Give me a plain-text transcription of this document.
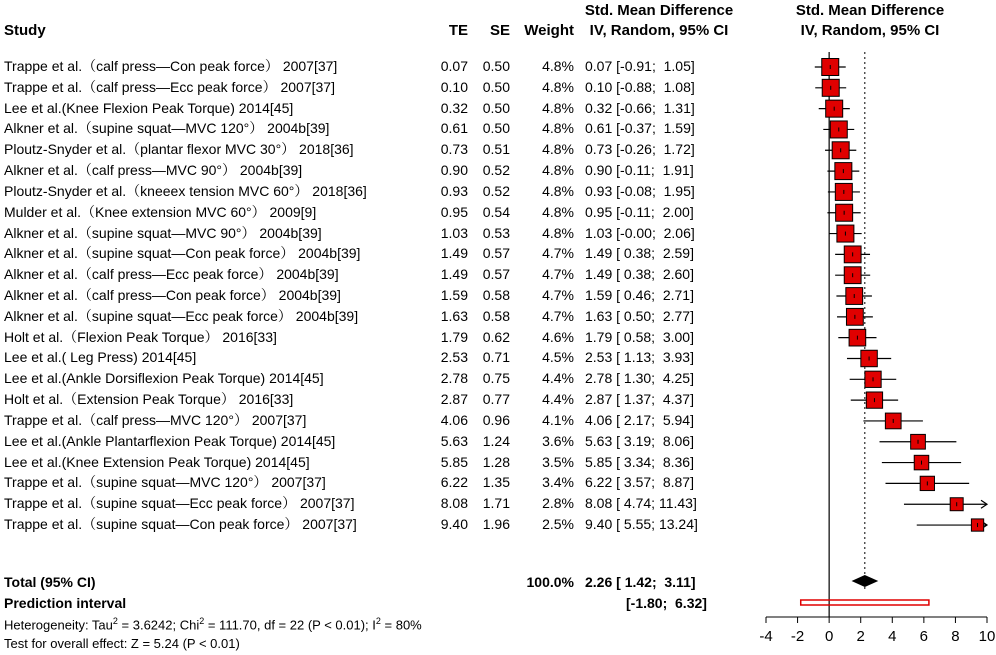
Study	TE	SE Weight
Std. Mean Difference
IV, Random, 95% CI
Std. Mean Difference
IV, Random, 95% CI
Trappe et al.（calf press—Con peak force） 2007[37]	0.07	0.50	4.8% 0.07 [-0.91;  1.05]
Trappe et al.（calf press—Ecc peak force） 2007[37]	0.10	0.50	4.8% 0.10 [-0.88;  1.08]
Lee et al.(Knee Flexion Peak Torque) 2014[45]	0.32	0.50	4.8% 0.32 [-0.66;  1.31]
Alkner et al.（supine squat—MVC 120°） 2004b[39]	0.61	0.50	4.8% 0.61 [-0.37;  1.59]
Ploutz-Snyder et al.（plantar flexor MVC 30°） 2018[36]	0.73	0.51	4.8% 0.73 [-0.26;  1.72]
Alkner et al.（calf press—MVC 90°） 2004b[39]	0.90	0.52	4.8% 0.90 [-0.11;  1.91]
Ploutz-Snyder et al.（kneeex tension MVC 60°） 2018[36]	0.93	0.52	4.8% 0.93 [-0.08;  1.95]
Mulder et al.（Knee extension MVC 60°） 2009[9]	0.95	0.54	4.8% 0.95 [-0.11;  2.00]
Alkner et al.（supine squat—MVC 90°） 2004b[39]	1.03	0.53	4.8% 1.03 [-0.00;  2.06]
Alkner et al.（supine squat—Con peak force） 2004b[39]	1.49	0.57	4.7% 1.49 [ 0.38;  2.59]
Alkner et al.（calf press—Ecc peak force） 2004b[39]	1.49	0.57	4.7% 1.49 [ 0.38;  2.60]
Alkner et al.（calf press—Con peak force） 2004b[39]	1.59	0.58	4.7% 1.59 [ 0.46;  2.71]
Alkner et al.（supine squat—Ecc peak force） 2004b[39]	1.63	0.58	4.7% 1.63 [ 0.50;  2.77]
Holt et al.（Flexion Peak Torque） 2016[33]	1.79	0.62	4.6% 1.79 [ 0.58;  3.00]
Lee et al.( Leg Press) 2014[45]	2.53	0.71	4.5% 2.53 [ 1.13;  3.93]
Lee et al.(Ankle Dorsiflexion Peak Torque) 2014[45]	2.78	0.75	4.4% 2.78 [ 1.30;  4.25]
Holt et al.（Extension Peak Torque） 2016[33]	2.87	0.77	4.4% 2.87 [ 1.37;  4.37]
Trappe et al.（calf press—MVC 120°） 2007[37]	4.06	0.96	4.1% 4.06 [ 2.17;  5.94]
Lee et al.(Ankle Plantarflexion Peak Torque) 2014[45]	5.63	1.24	3.6% 5.63 [ 3.19;  8.06]
Lee et al.(Knee Extension Peak Torque) 2014[45]	5.85	1.28	3.5% 5.85 [ 3.34;  8.36]
Trappe et al.（supine squat—MVC 120°） 2007[37]	6.22	1.35	3.4% 6.22 [ 3.57;  8.87]
Trappe et al.（supine squat—Ecc peak force） 2007[37]	8.08	1.71	2.8% 8.08 [ 4.74; 11.43]
Trappe et al.（supine squat—Con peak force） 2007[37]	9.40	1.96	2.5% 9.40 [ 5.55; 13.24]
Total (95% CI)	100.0% 2.26 [ 1.42;  3.11]
Prediction interval	[-1.80;  6.32]
Heterogeneity: Tau$^2$ = 3.6242; Chi$^2$ = 111.70, df = 22 (P < 0.01); $I^2 = 80\%$
Test for overall effect: Z = 5.24 (P < 0.01)	-4 -2 0 2 4 6 8 10
